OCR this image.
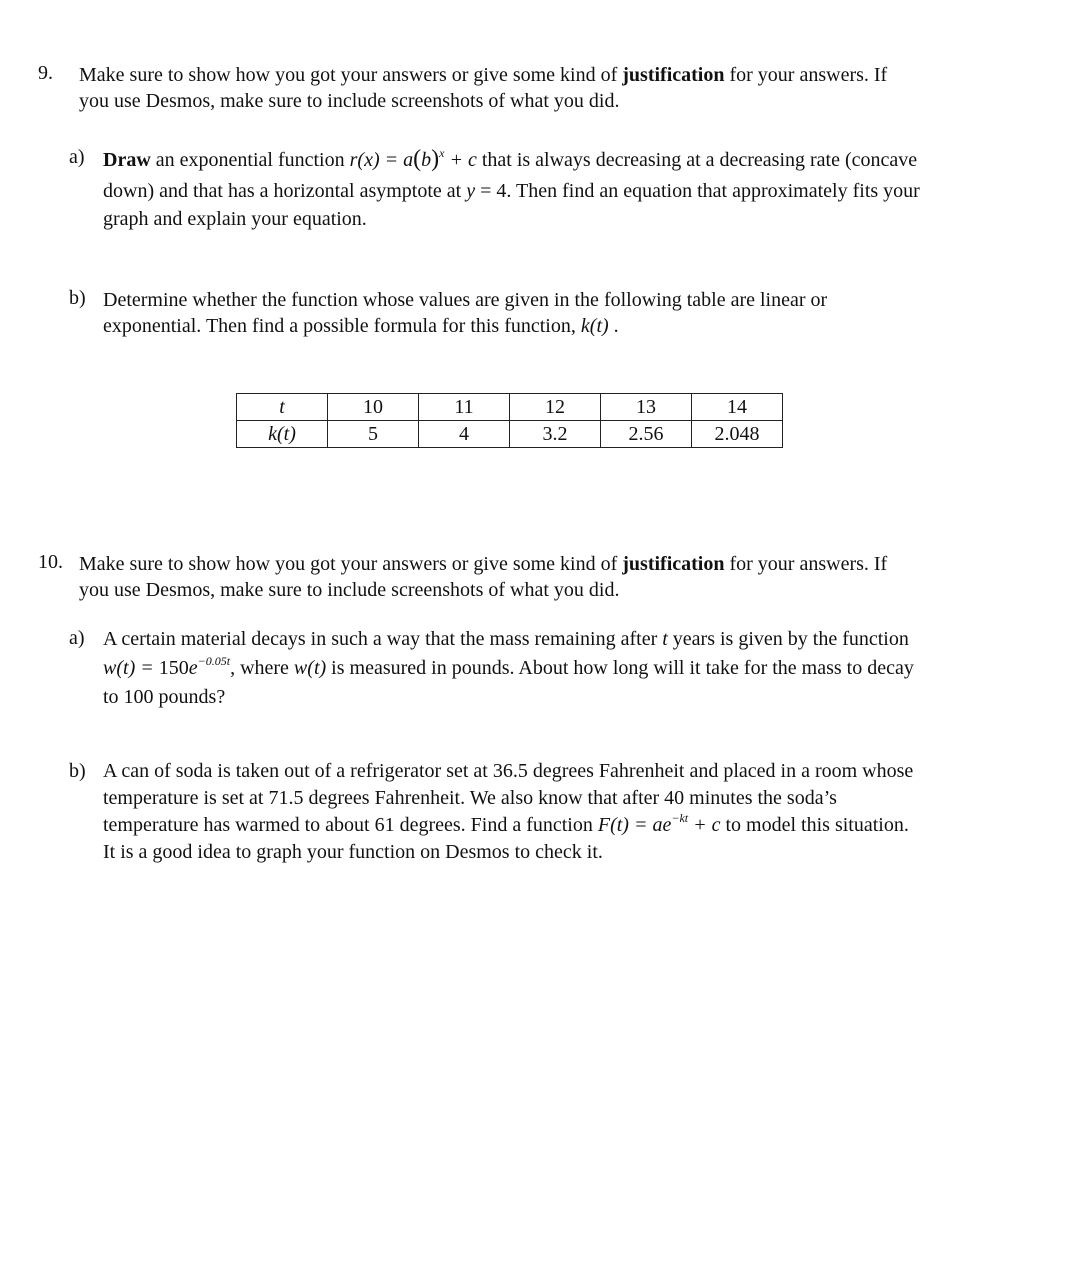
9. Make sure to show how you got your answers or give some kind of justification for your answers. If
you use Desmos, make sure to include screenshots of what you did.
a) Draw an exponential function $r(x) = a(b)^x + c$ that is always decreasing at a decreasing rate (concave
down) and that has a horizontal asymptote at y = 4. Then find an equation that approximately fits your
graph and explain your equation.
b) Determine whether the function whose values are given in the following table are linear or
exponential. Then find a possible formula for this function, k(t) .
t	10	11	12	13	14
k(t)	5	4	3.2	2.56	2.048
10. Make sure to show how you got your answers or give some kind of justification for your answers. If
you use Desmos, make sure to include screenshots of what you did.
a) A certain material decays in such a way that the mass remaining after t years is given by the function
$w(t) = 150e^{-0.05t}$, where w(t) is measured in pounds. About how long will it take for the mass to decay
to 100 pounds?
b) A can of soda is taken out of a refrigerator set at 36.5 degrees Fahrenheit and placed in a room whose
temperature is set at 71.5 degrees Fahrenheit. We also know that after 40 minutes the soda’s
temperature has warmed to about 61 degrees. Find a function $F(t) = ae^{-kt} + c$ to model this situation.
It is a good idea to graph your function on Desmos to check it.
